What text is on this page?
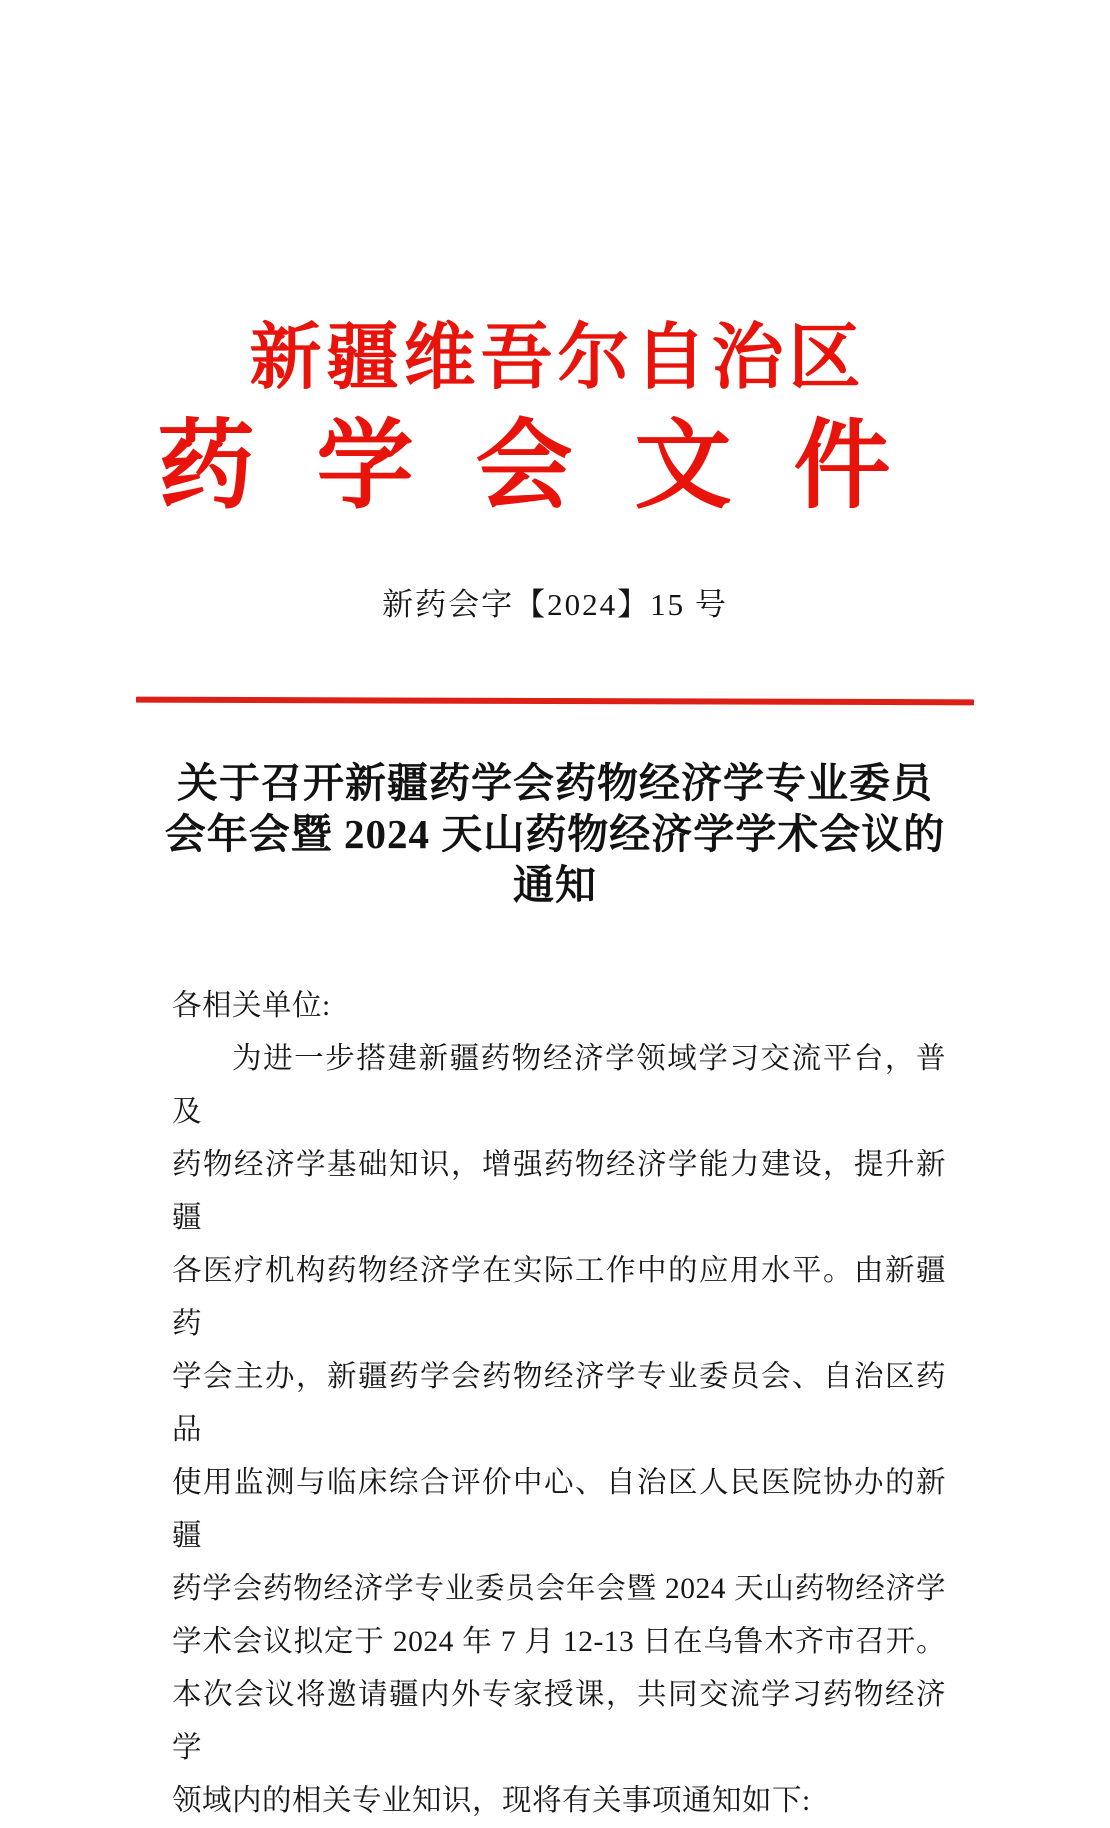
新疆维吾尔自治区
药学会文件
新药会字【2024】15 号
关于召开新疆药学会药物经济学专业委员
会年会暨 2024 天山药物经济学学术会议的
通知
各相关单位:
为进一步搭建新疆药物经济学领域学习交流平台，普及
药物经济学基础知识，增强药物经济学能力建设，提升新疆
各医疗机构药物经济学在实际工作中的应用水平。由新疆药
学会主办，新疆药学会药物经济学专业委员会、自治区药品
使用监测与临床综合评价中心、自治区人民医院协办的新疆
药学会药物经济学专业委员会年会暨 2024 天山药物经济学
学术会议拟定于 2024 年 7 月 12-13 日在乌鲁木齐市召开。
本次会议将邀请疆内外专家授课，共同交流学习药物经济学
领域内的相关专业知识，现将有关事项通知如下:
